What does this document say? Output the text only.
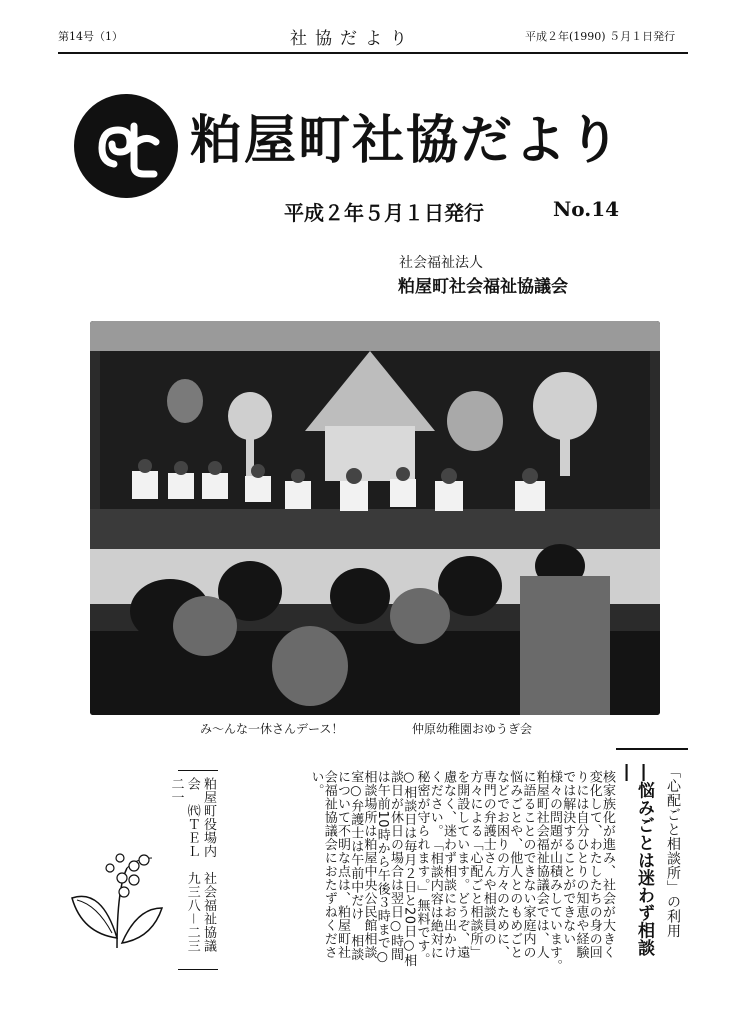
第14号（1）	社協だより	平成２年(1990) ５月１日発行
粕屋町社協だより
平成２年５月１日発行	No.14
社会福祉法人
粕屋町社会福祉協議会
み～んな一休さんデース！	仲原幼稚園おゆうぎ会
―悩みごとは迷わず相談―	「心配ごと相談所」の利用
核家族化が進み、社会が大きく変化して、わたしたちの身の回りには自分ひとりの知恵や経験では解決することができない様々の問題が山積みしています。　粕屋町社会福祉協議会では、人に語ることのできない家庭内の悩みごとや、他人とのもめごとなどでお困りの方々のために、専門の弁護士さんや相談員の方々による「心配ごと相談所」を開設しています。どうぞ、遠慮なく、迷わず相談にお出かけください。　「相談内容は絶対に秘密が守られます。」無料です。○相談日は毎月２日と20日○相談日が休日の場合は翌日○時間は午前10時から午後３時まで○相談場所は粕屋中央公民館相談室○弁護士は午前中だけ　相談について不明な点は、粕屋町社会福祉協議会におたずねください。
粕屋町役場内　社会福祉協議会　㈹ＴＥＬ　九三八－二三二一
